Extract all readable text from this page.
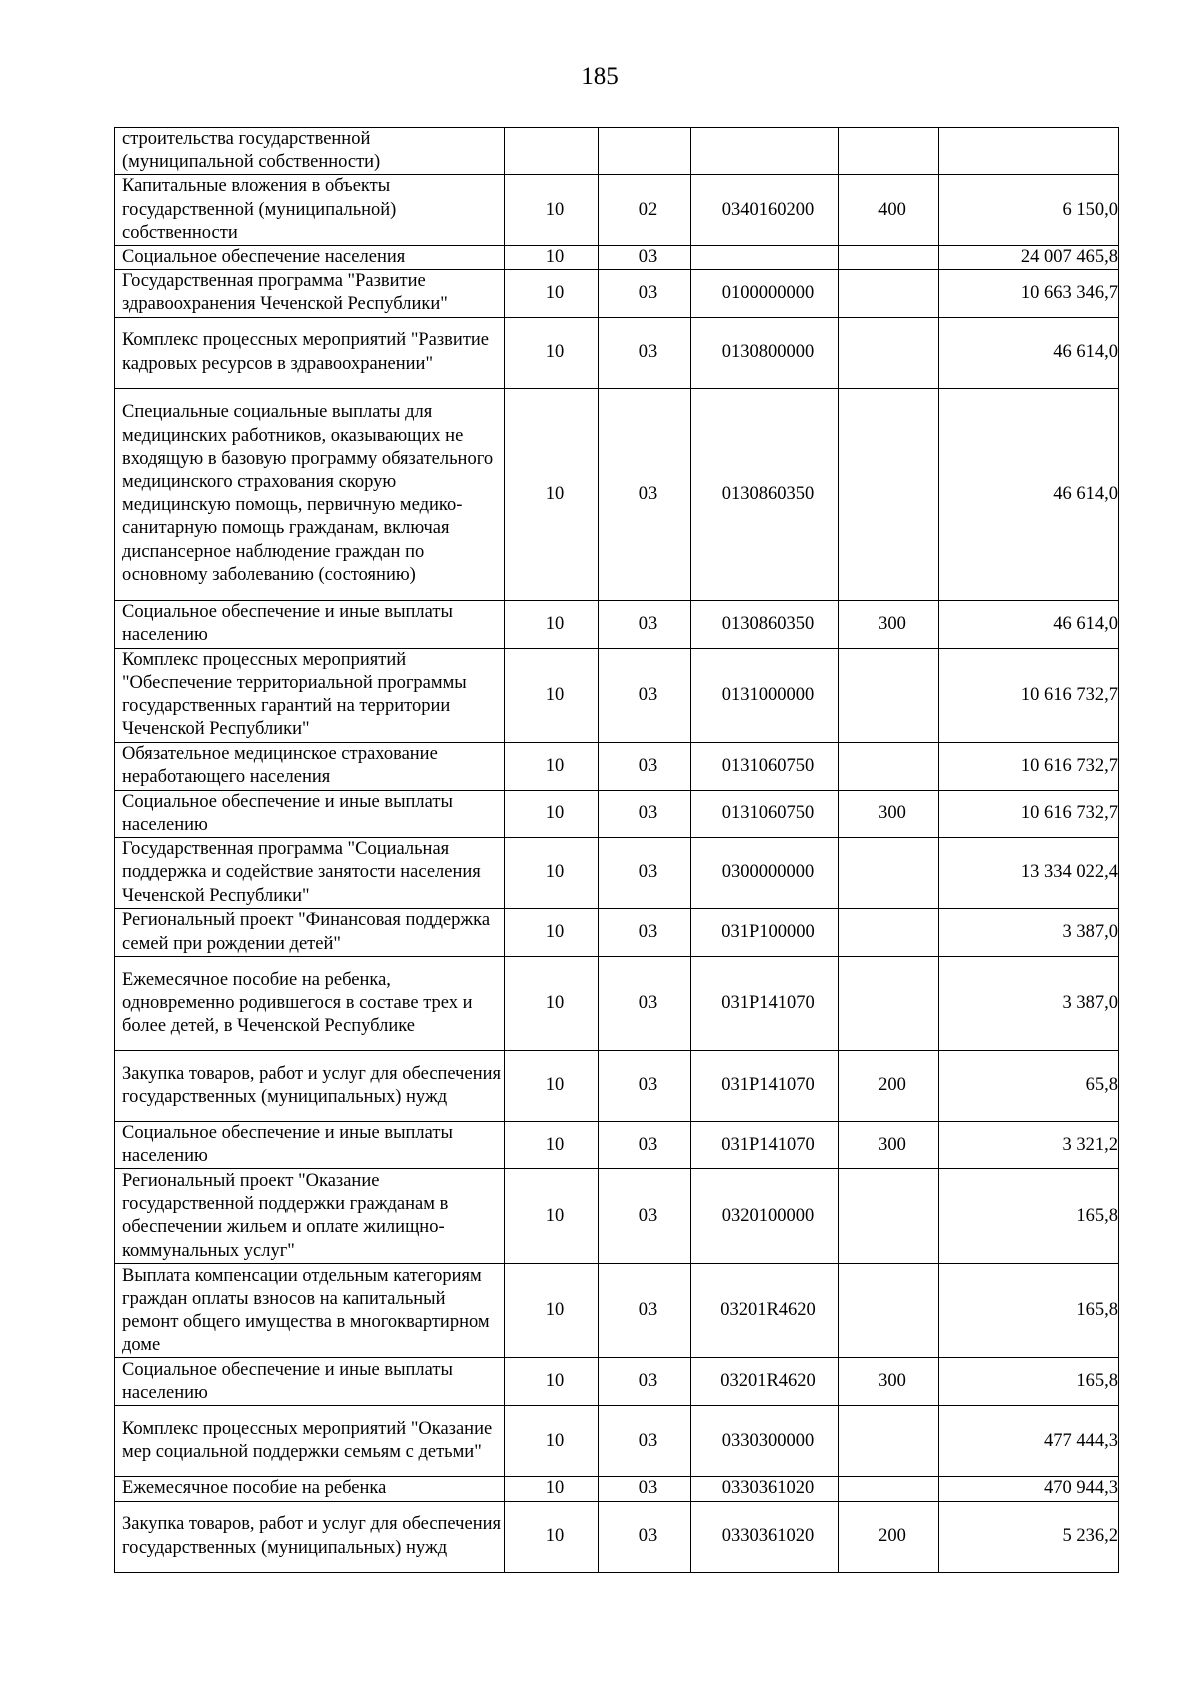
185
строительства государственной (муниципальной собственности)					
Капитальные вложения в объекты государственной (муниципальной) собственности	10	02	0340160200	400	6 150,0
Социальное обеспечение населения	10	03			24 007 465,8
Государственная программа "Развитие здравоохранения Чеченской Республики"	10	03	0100000000		10 663 346,7
Комплекс процессных мероприятий "Развитие кадровых ресурсов в здравоохранении"	10	03	0130800000		46 614,0
Специальные социальные выплаты для медицинских работников, оказывающих не входящую в базовую программу обязательного медицинского страхования скорую медицинскую помощь, первичную медико-санитарную помощь гражданам, включая диспансерное наблюдение граждан по основному заболеванию (состоянию)	10	03	0130860350		46 614,0
Социальное обеспечение и иные выплаты населению	10	03	0130860350	300	46 614,0
Комплекс процессных мероприятий "Обеспечение территориальной программы государственных гарантий на территории Чеченской Республики"	10	03	0131000000		10 616 732,7
Обязательное медицинское страхование неработающего населения	10	03	0131060750		10 616 732,7
Социальное обеспечение и иные выплаты населению	10	03	0131060750	300	10 616 732,7
Государственная программа "Социальная поддержка и содействие занятости населения Чеченской Республики"	10	03	0300000000		13 334 022,4
Региональный проект "Финансовая поддержка семей при рождении детей"	10	03	031P100000		3 387,0
Ежемесячное пособие на ребенка, одновременно родившегося в составе трех и более детей, в Чеченской Республике	10	03	031P141070		3 387,0
Закупка товаров, работ и услуг для обеспечения государственных (муниципальных) нужд	10	03	031P141070	200	65,8
Социальное обеспечение и иные выплаты населению	10	03	031P141070	300	3 321,2
Региональный проект "Оказание государственной поддержки гражданам в обеспечении жильем и оплате жилищно-коммунальных услуг"	10	03	0320100000		165,8
Выплата компенсации отдельным категориям граждан оплаты взносов на капитальный ремонт общего имущества в многоквартирном доме	10	03	03201R4620		165,8
Социальное обеспечение и иные выплаты населению	10	03	03201R4620	300	165,8
Комплекс процессных мероприятий "Оказание мер социальной поддержки семьям с детьми"	10	03	0330300000		477 444,3
Ежемесячное пособие на ребенка	10	03	0330361020		470 944,3
Закупка товаров, работ и услуг для обеспечения государственных (муниципальных) нужд	10	03	0330361020	200	5 236,2
